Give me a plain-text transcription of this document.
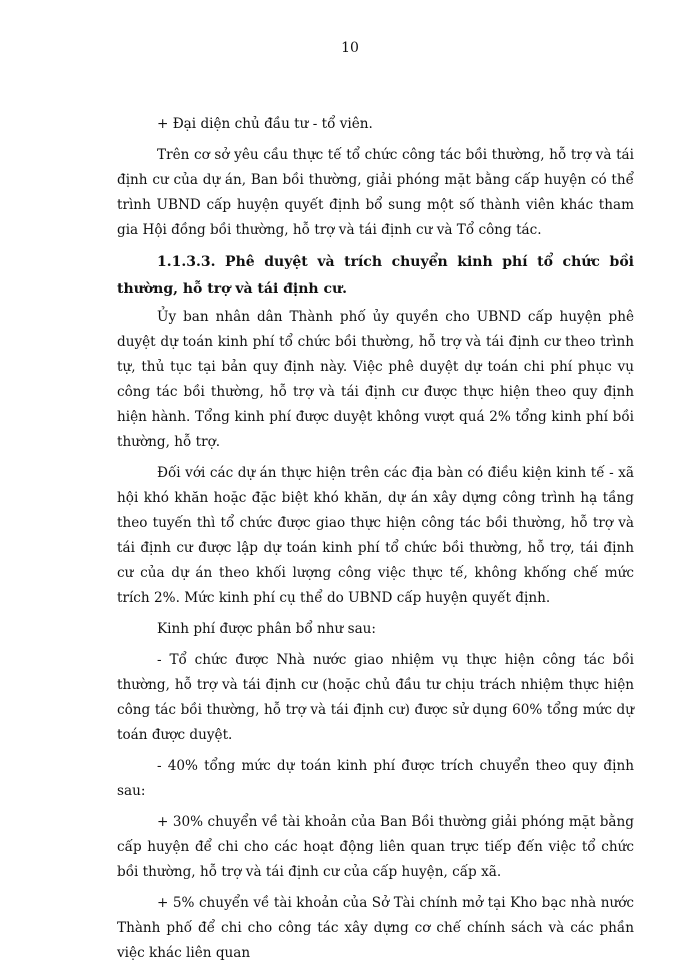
10

+ Đại diện chủ đầu tư - tổ viên.

Trên cơ sở yêu cầu thực tế tổ chức công tác bồi thường, hỗ trợ và tái định cư của dự án, Ban bồi thường, giải phóng mặt bằng cấp huyện có thể trình UBND cấp huyện quyết định bổ sung một số thành viên khác tham gia Hội đồng bồi thường, hỗ trợ và tái định cư và Tổ công tác.

1.1.3.3. Phê duyệt và trích chuyển kinh phí tổ chức bồi thường, hỗ trợ và tái định cư.

Ủy ban nhân dân Thành phố ủy quyền cho UBND cấp huyện phê duyệt dự toán kinh phí tổ chức bồi thường, hỗ trợ và tái định cư theo trình tự, thủ tục tại bản quy định này. Việc phê duyệt dự toán chi phí phục vụ công tác bồi thường, hỗ trợ và tái định cư được thực hiện theo quy định hiện hành. Tổng kinh phí được duyệt không vượt quá 2% tổng kinh phí bồi thường, hỗ trợ.

Đối với các dự án thực hiện trên các địa bàn có điều kiện kinh tế - xã hội khó khăn hoặc đặc biệt khó khăn, dự án xây dựng công trình hạ tầng theo tuyến thì tổ chức được giao thực hiện công tác bồi thường, hỗ trợ và tái định cư được lập dự toán kinh phí tổ chức bồi thường, hỗ trợ, tái định cư của dự án theo khối lượng công việc thực tế, không khống chế mức trích 2%. Mức kinh phí cụ thể do UBND cấp huyện quyết định.

Kinh phí được phân bổ như sau:

- Tổ chức được Nhà nước giao nhiệm vụ thực hiện công tác bồi thường, hỗ trợ và tái định cư (hoặc chủ đầu tư chịu trách nhiệm thực hiện công tác bồi thường, hỗ trợ và tái định cư) được sử dụng 60% tổng mức dự toán được duyệt.

- 40% tổng mức dự toán kinh phí được trích chuyển theo quy định sau:

+ 30% chuyển về tài khoản của Ban Bồi thường giải phóng mặt bằng cấp huyện để chi cho các hoạt động liên quan trực tiếp đến việc tổ chức bồi thường, hỗ trợ và tái định cư của cấp huyện, cấp xã.

+ 5% chuyển về tài khoản của Sở Tài chính mở tại Kho bạc nhà nước Thành phố để chi cho công tác xây dựng cơ chế chính sách và các phần việc khác liên quan
